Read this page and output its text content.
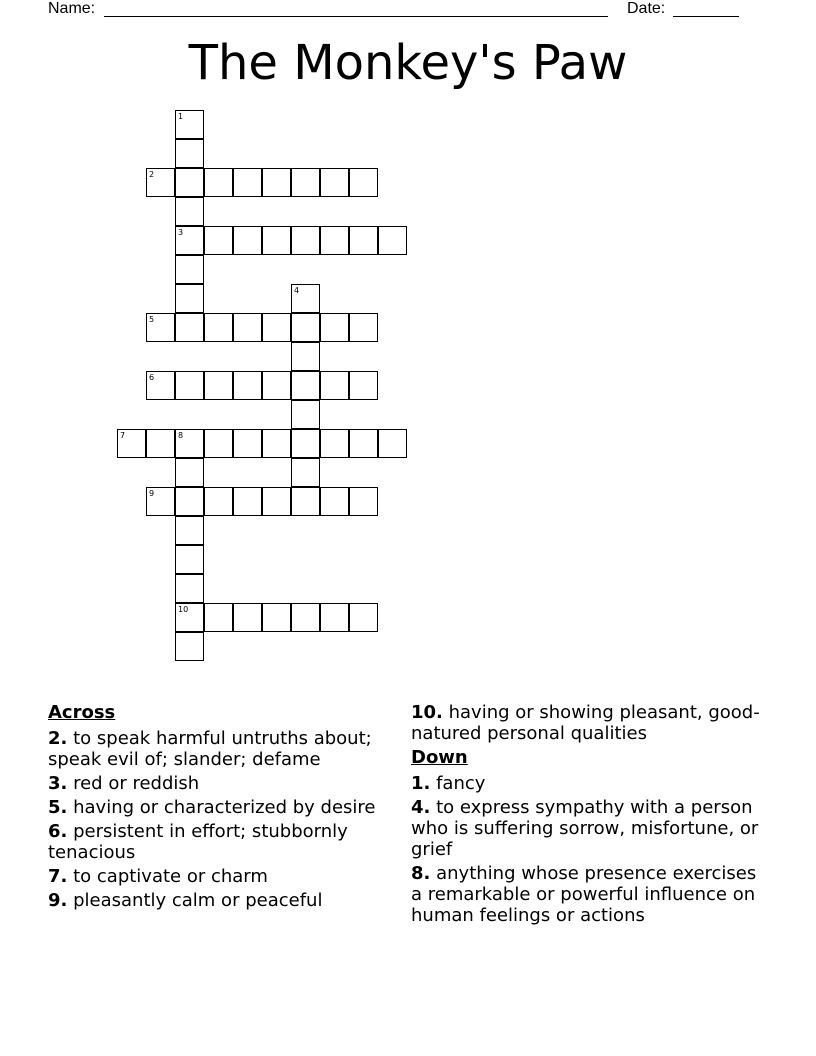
Name:	Date:
The Monkey's Paw
1
3
2
4
5
6
7	8
10
9
Across
2. to speak harmful untruths about; speak evil of; slander; defame
3. red or reddish
5. having or characterized by desire
6. persistent in effort; stubbornly tenacious
7. to captivate or charm
9. pleasantly calm or peaceful
10. having or showing pleasant, good-natured personal qualities
Down
1. fancy
4. to express sympathy with a person who is suffering sorrow, misfortune, or grief
8. anything whose presence exercises a remarkable or powerful influence on human feelings or actions
